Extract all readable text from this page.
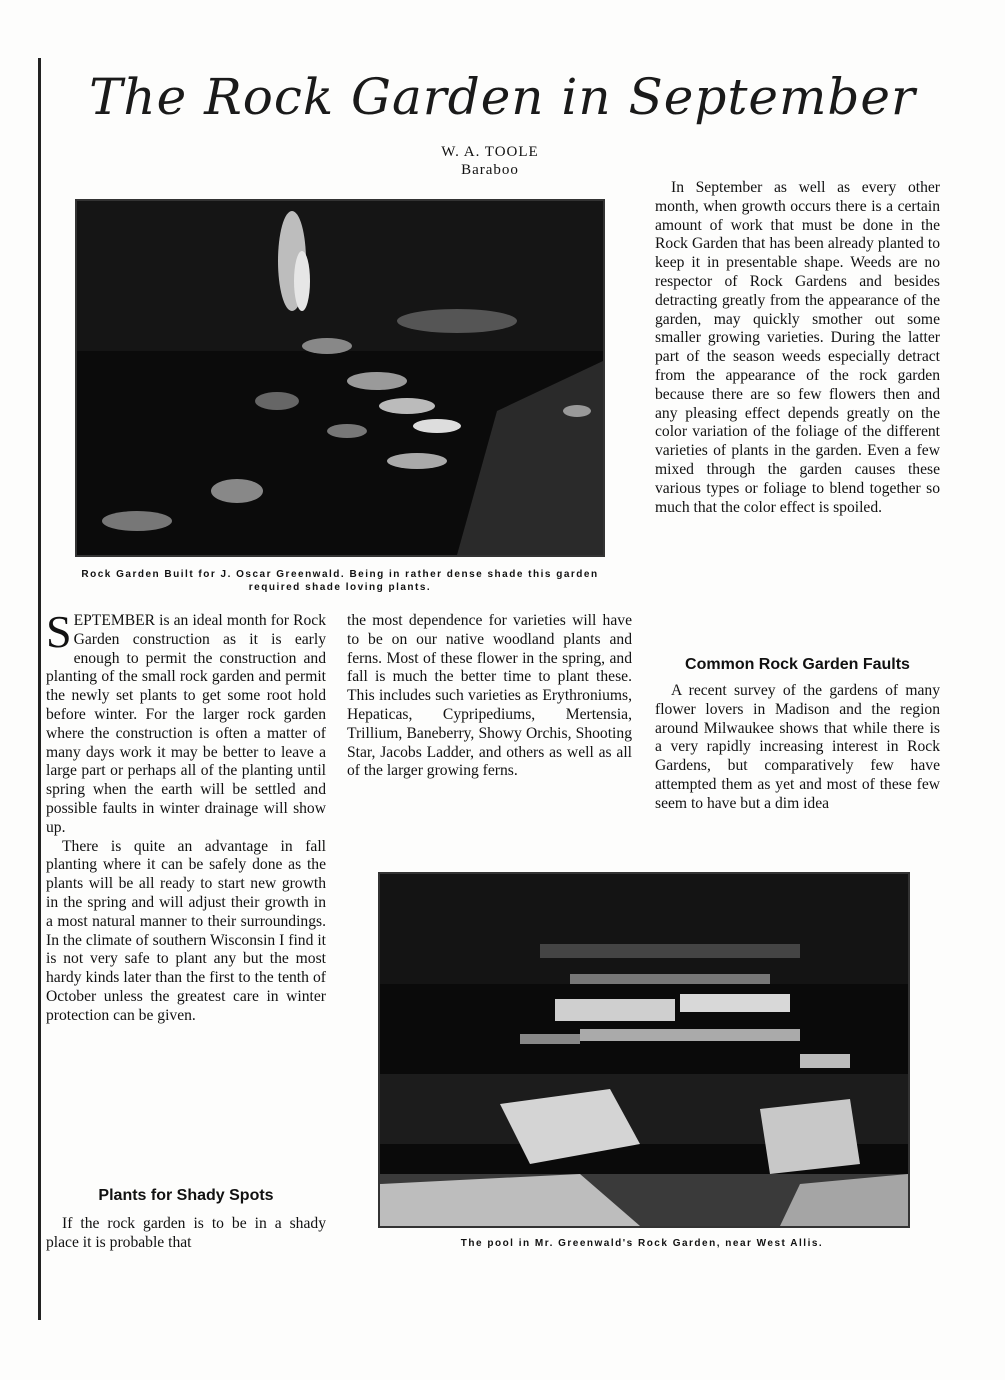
The Rock Garden in September
W. A. TOOLE
Baraboo
Rock Garden Built for J. Oscar Greenwald. Being in rather dense shade this garden required shade loving plants.

SEPTEMBER is an ideal month for Rock Garden construction as it is early enough to permit the construction and planting of the small rock garden and permit the newly set plants to get some root hold before winter. For the larger rock garden where the construction is often a matter of many days work it may be better to leave a large part or perhaps all of the planting until spring when the earth will be settled and possible faults in winter drainage will show up.

There is quite an advantage in fall planting where it can be safely done as the plants will be all ready to start new growth in the spring and will adjust their growth in a most natural manner to their surroundings. In the climate of southern Wisconsin I find it is not very safe to plant any but the most hardy kinds later than the first to the tenth of October unless the greatest care in winter protection can be given.

Plants for Shady Spots

If the rock garden is to be in a shady place it is probable that

the most dependence for varieties will have to be on our native woodland plants and ferns. Most of these flower in the spring, and fall is much the better time to plant these. This includes such varieties as Erythroniums, Hepaticas, Cypripediums, Mertensia, Trillium, Baneberry, Showy Orchis, Shooting Star, Jacobs Ladder, and others as well as all of the larger growing ferns.

In September as well as every other month, when growth occurs there is a certain amount of work that must be done in the Rock Garden that has been already planted to keep it in presentable shape. Weeds are no respector of Rock Gardens and besides detracting greatly from the appearance of the garden, may quickly smother out some smaller growing varieties. During the latter part of the season weeds especially detract from the appearance of the rock garden because there are so few flowers then and any pleasing effect depends greatly on the color variation of the foliage of the different varieties of plants in the garden. Even a few mixed through the garden causes these various types or foliage to blend together so much that the color effect is spoiled.

Common Rock Garden Faults

A recent survey of the gardens of many flower lovers in Madison and the region around Milwaukee shows that while there is a very rapidly increasing interest in Rock Gardens, but comparatively few have attempted them as yet and most of these few seem to have but a dim idea

The pool in Mr. Greenwald's Rock Garden, near West Allis.
